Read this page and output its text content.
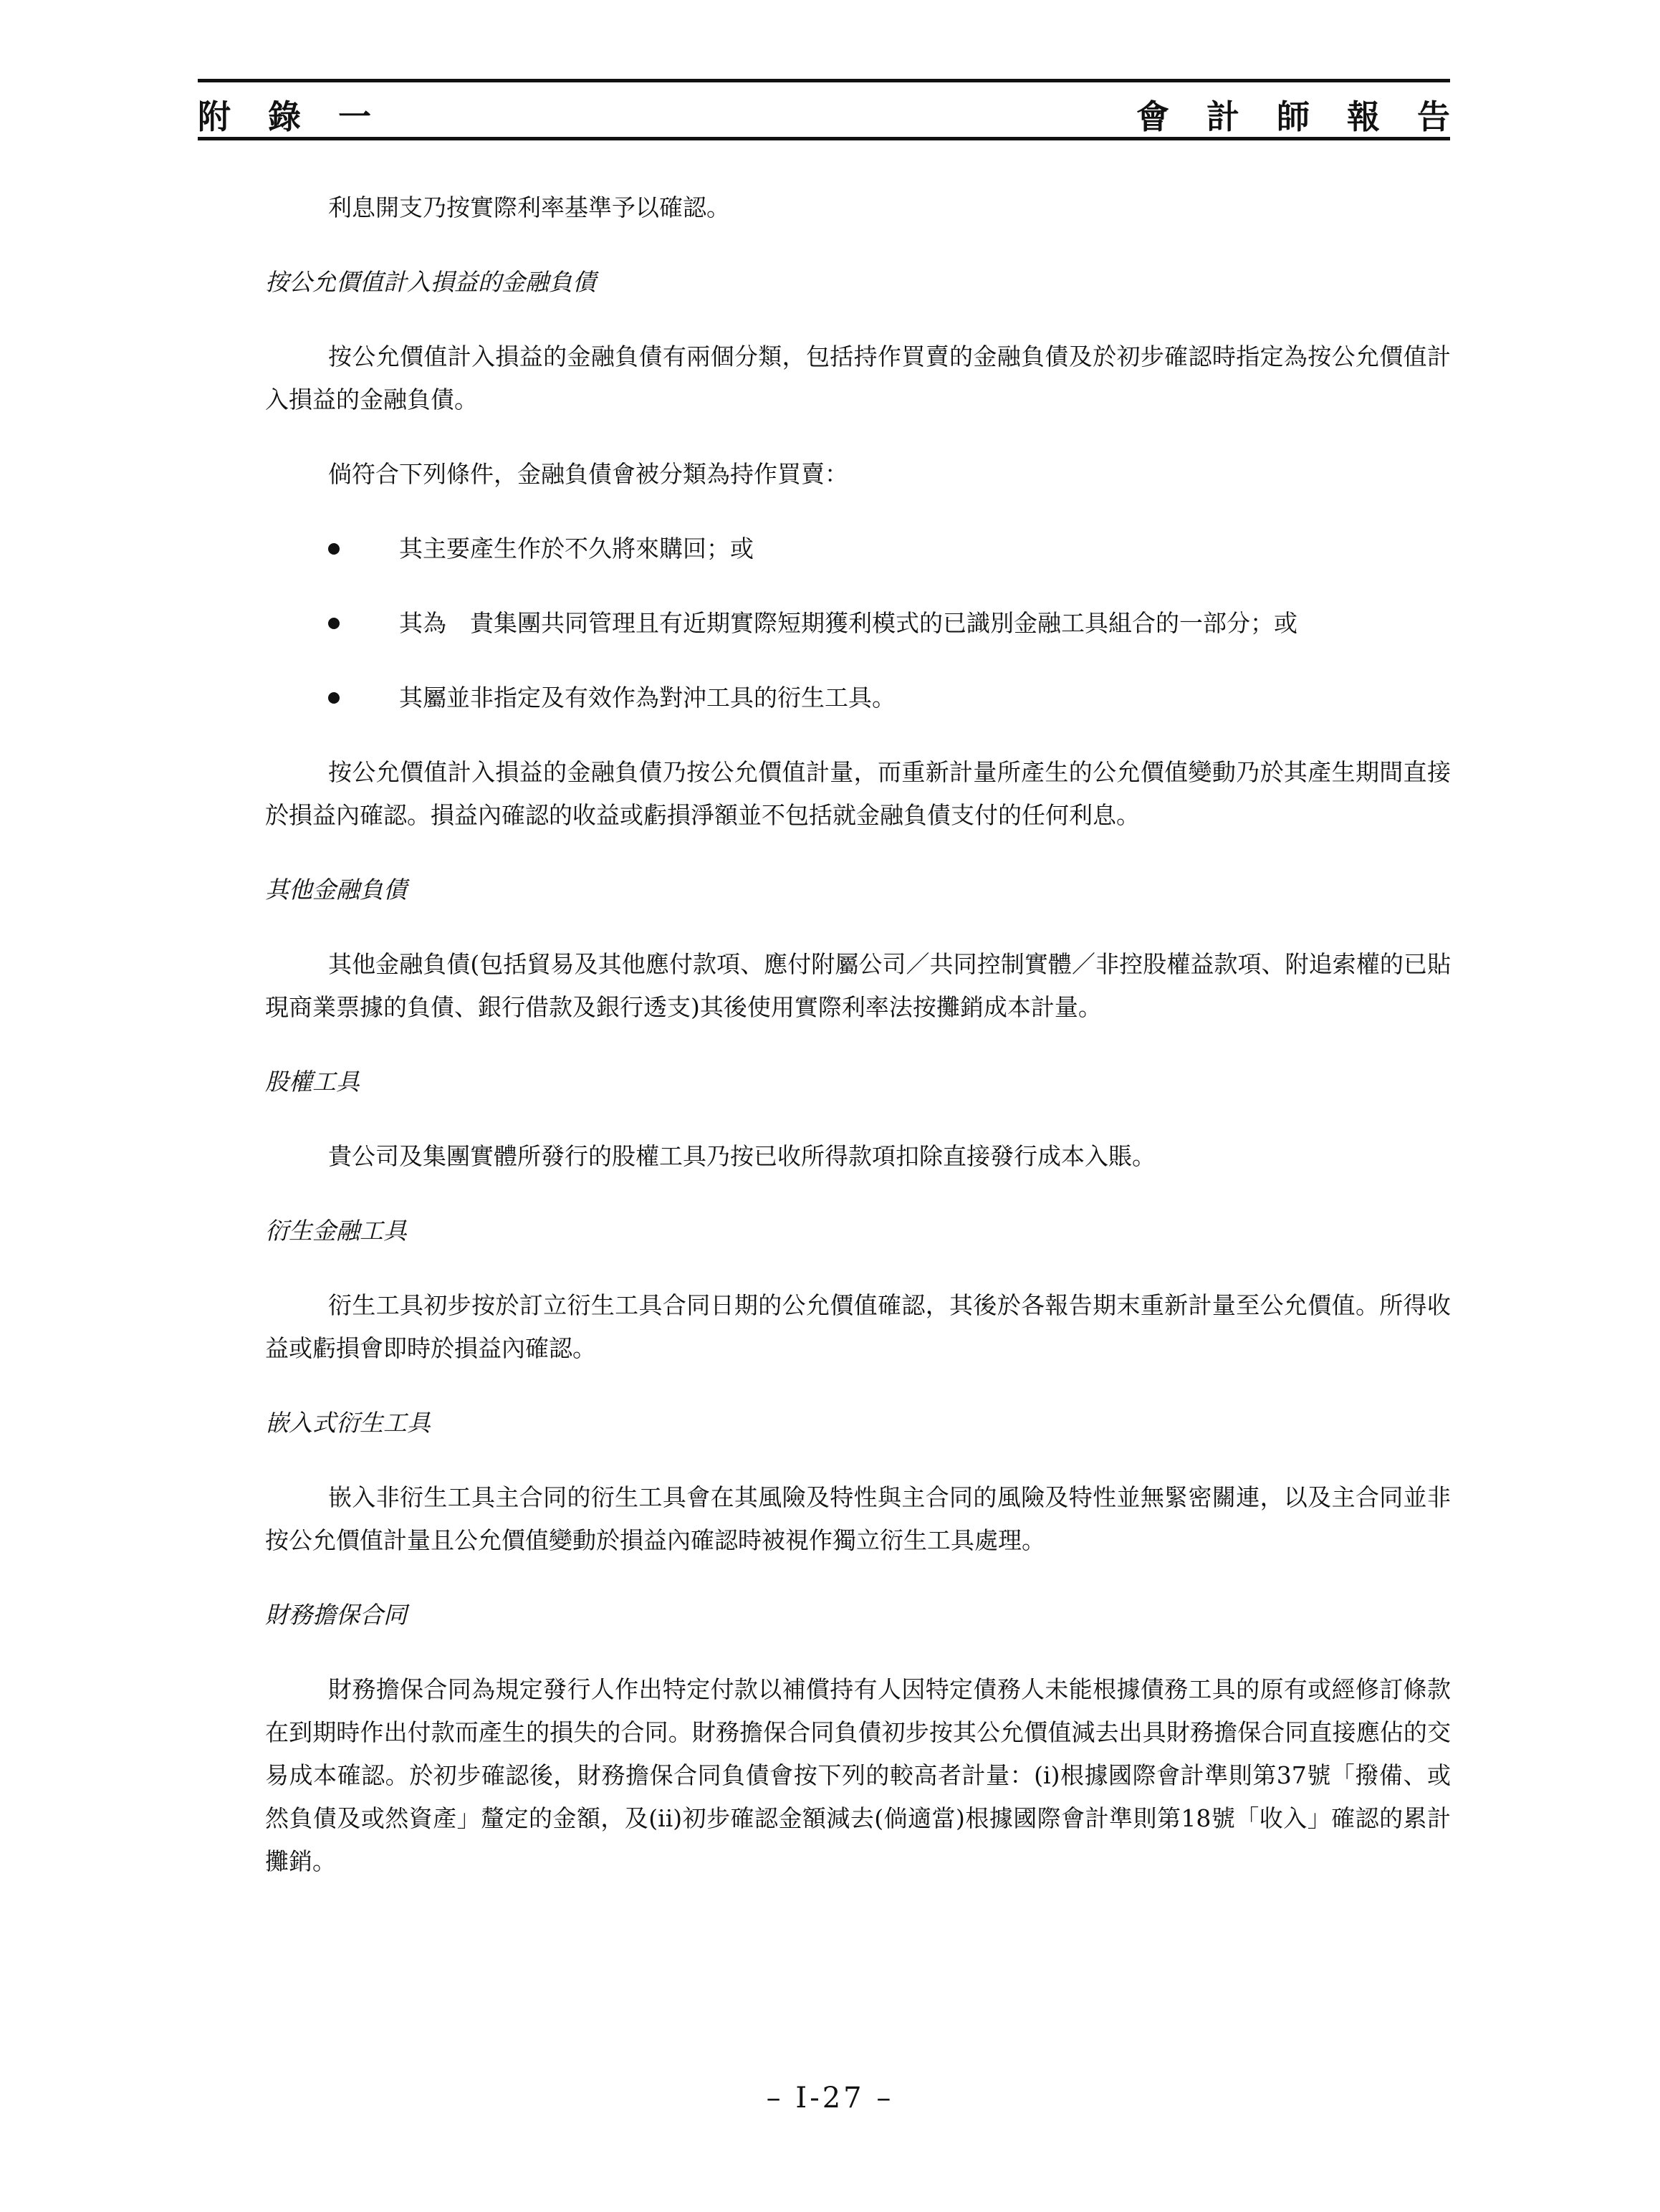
附 錄 一	會 計 師 報 告

利息開支乃按實際利率基準予以確認。

按公允價值計入損益的金融負債

按公允價值計入損益的金融負債有兩個分類，包括持作買賣的金融負債及於初步確認時指定為按公允價值計入損益的金融負債。

倘符合下列條件，金融負債會被分類為持作買賣：

其主要產生作於不久將來購回；或
其為　貴集團共同管理且有近期實際短期獲利模式的已識別金融工具組合的一部分；或
其屬並非指定及有效作為對沖工具的衍生工具。

按公允價值計入損益的金融負債乃按公允價值計量，而重新計量所產生的公允價值變動乃於其產生期間直接於損益內確認。損益內確認的收益或虧損淨額並不包括就金融負債支付的任何利息。

其他金融負債

其他金融負債(包括貿易及其他應付款項、應付附屬公司／共同控制實體／非控股權益款項、附追索權的已貼現商業票據的負債、銀行借款及銀行透支)其後使用實際利率法按攤銷成本計量。

股權工具

貴公司及集團實體所發行的股權工具乃按已收所得款項扣除直接發行成本入賬。

衍生金融工具

衍生工具初步按於訂立衍生工具合同日期的公允價值確認，其後於各報告期末重新計量至公允價值。所得收益或虧損會即時於損益內確認。

嵌入式衍生工具

嵌入非衍生工具主合同的衍生工具會在其風險及特性與主合同的風險及特性並無緊密關連，以及主合同並非按公允價值計量且公允價值變動於損益內確認時被視作獨立衍生工具處理。

財務擔保合同

財務擔保合同為規定發行人作出特定付款以補償持有人因特定債務人未能根據債務工具的原有或經修訂條款在到期時作出付款而產生的損失的合同。財務擔保合同負債初步按其公允價值減去出具財務擔保合同直接應佔的交易成本確認。於初步確認後，財務擔保合同負債會按下列的較高者計量：(i)根據國際會計準則第37號「撥備、或然負債及或然資產」釐定的金額，及(ii)初步確認金額減去(倘適當)根據國際會計準則第18號「收入」確認的累計攤銷。

– I-27 –
